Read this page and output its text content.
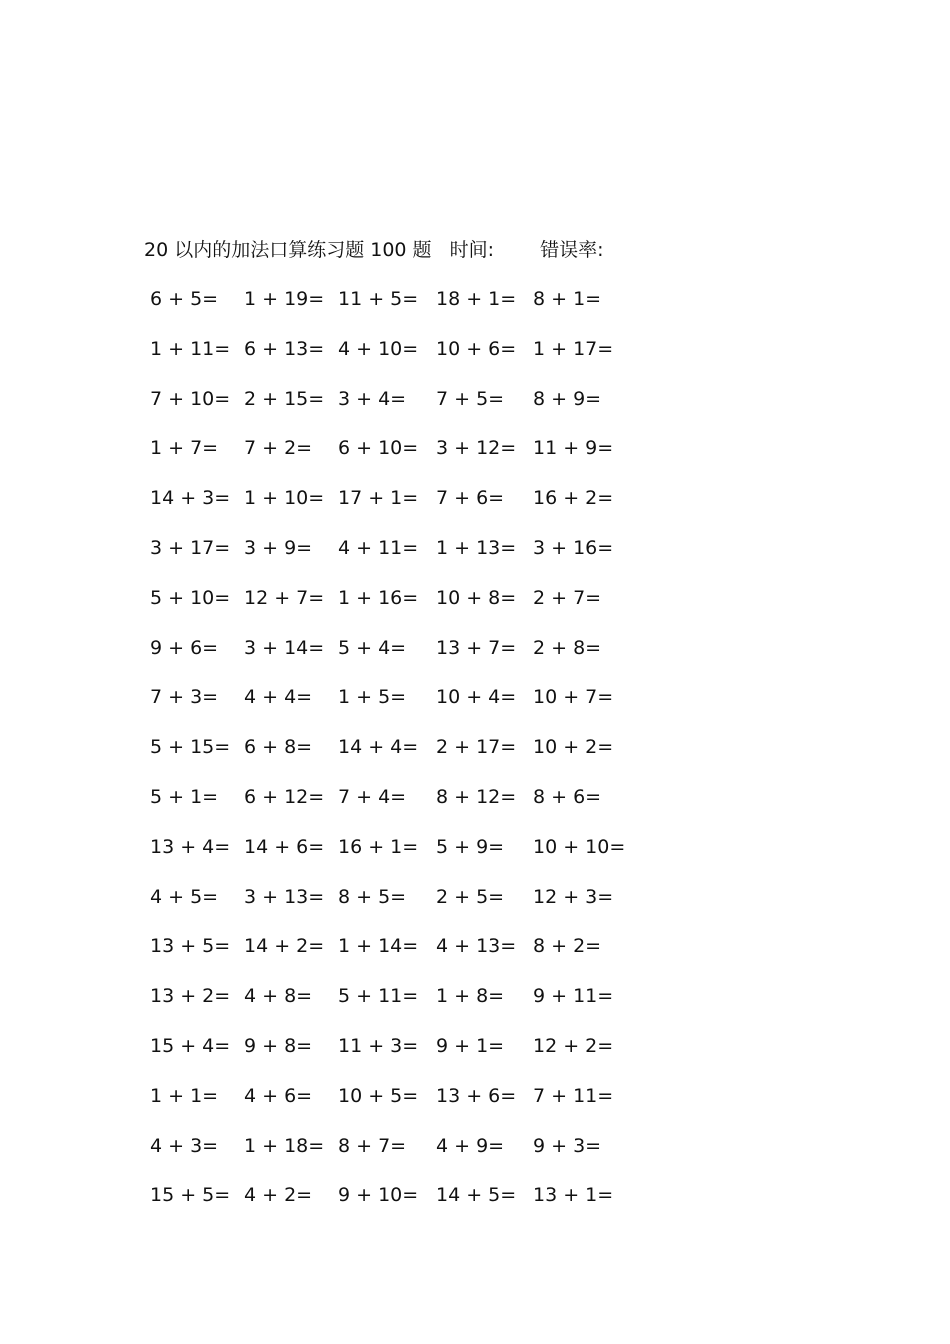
20 以内的加法口算练习题 100 题 时间: 错误率:
6 + 5= 1 + 19= 11 + 5= 18 + 1= 8 + 1=
1 + 11= 6 + 13= 4 + 10= 10 + 6= 1 + 17=
7 + 10= 2 + 15= 3 + 4= 7 + 5= 8 + 9=
1 + 7= 7 + 2= 6 + 10= 3 + 12= 11 + 9=
14 + 3= 1 + 10= 17 + 1= 7 + 6= 16 + 2=
3 + 17= 3 + 9= 4 + 11= 1 + 13= 3 + 16=
5 + 10= 12 + 7= 1 + 16= 10 + 8= 2 + 7=
9 + 6= 3 + 14= 5 + 4= 13 + 7= 2 + 8=
7 + 3= 4 + 4= 1 + 5= 10 + 4= 10 + 7=
5 + 15= 6 + 8= 14 + 4= 2 + 17= 10 + 2=
5 + 1= 6 + 12= 7 + 4= 8 + 12= 8 + 6=
13 + 4= 14 + 6= 16 + 1= 5 + 9= 10 + 10=
4 + 5= 3 + 13= 8 + 5= 2 + 5= 12 + 3=
13 + 5= 14 + 2= 1 + 14= 4 + 13= 8 + 2=
13 + 2= 4 + 8= 5 + 11= 1 + 8= 9 + 11=
15 + 4= 9 + 8= 11 + 3= 9 + 1= 12 + 2=
1 + 1= 4 + 6= 10 + 5= 13 + 6= 7 + 11=
4 + 3= 1 + 18= 8 + 7= 4 + 9= 9 + 3=
15 + 5= 4 + 2= 9 + 10= 14 + 5= 13 + 1=
